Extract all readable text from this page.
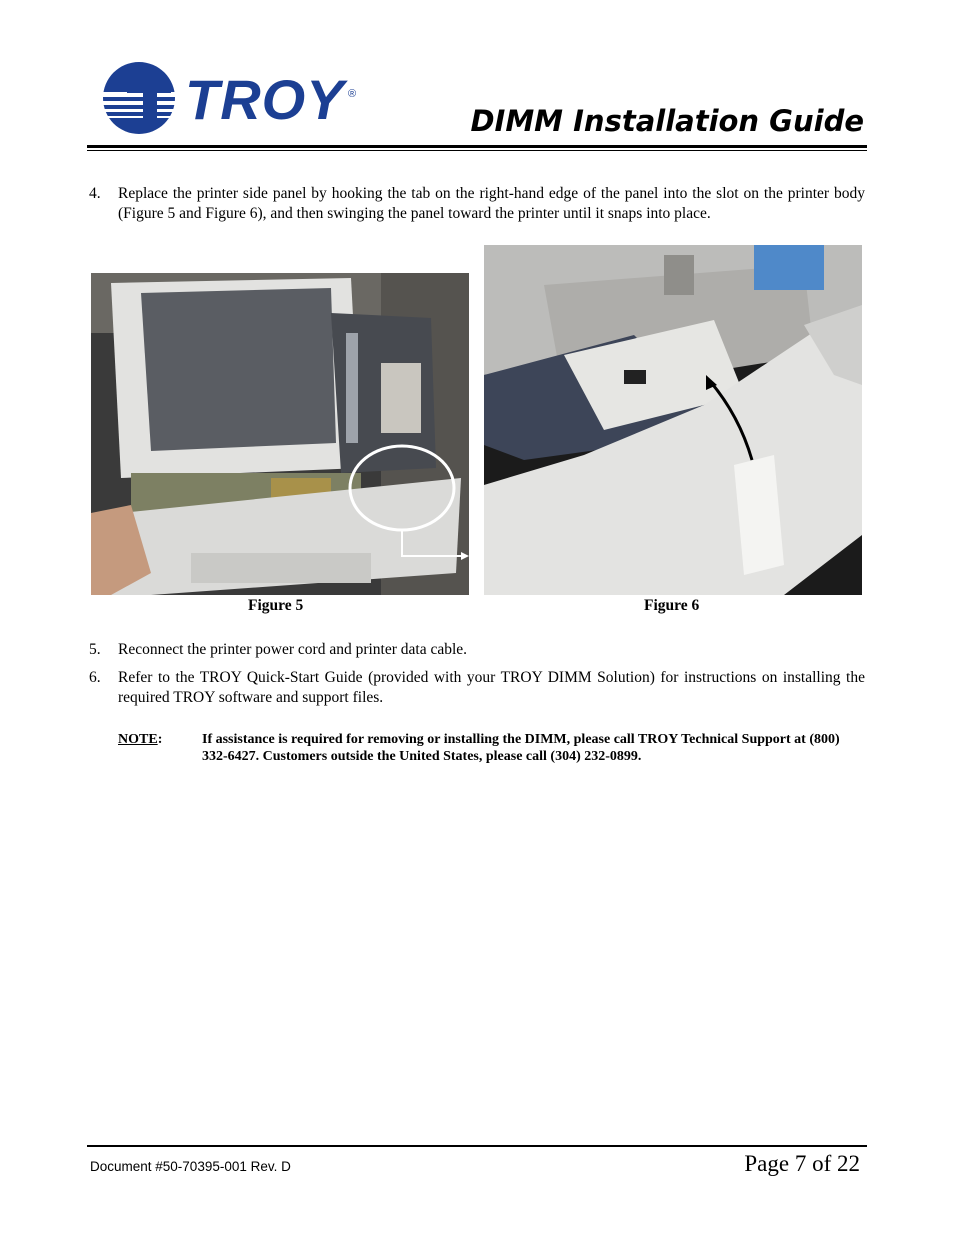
TROY ®
DIMM Installation Guide
4. Replace the printer side panel by hooking the tab on the right-hand edge of the panel into the slot on the printer body (Figure 5 and Figure 6), and then swinging the panel toward the printer until it snaps into place.
Figure 5	Figure 6
5. Reconnect the printer power cord and printer data cable.
6. Refer to the TROY Quick-Start Guide (provided with your TROY DIMM Solution) for instructions on installing the required TROY software and support files.
NOTE:	If assistance is required for removing or installing the DIMM, please call TROY Technical Support at (800) 332-6427. Customers outside the United States, please call (304) 232-0899.
Document #50-70395-001 Rev. D	Page 7 of 22
